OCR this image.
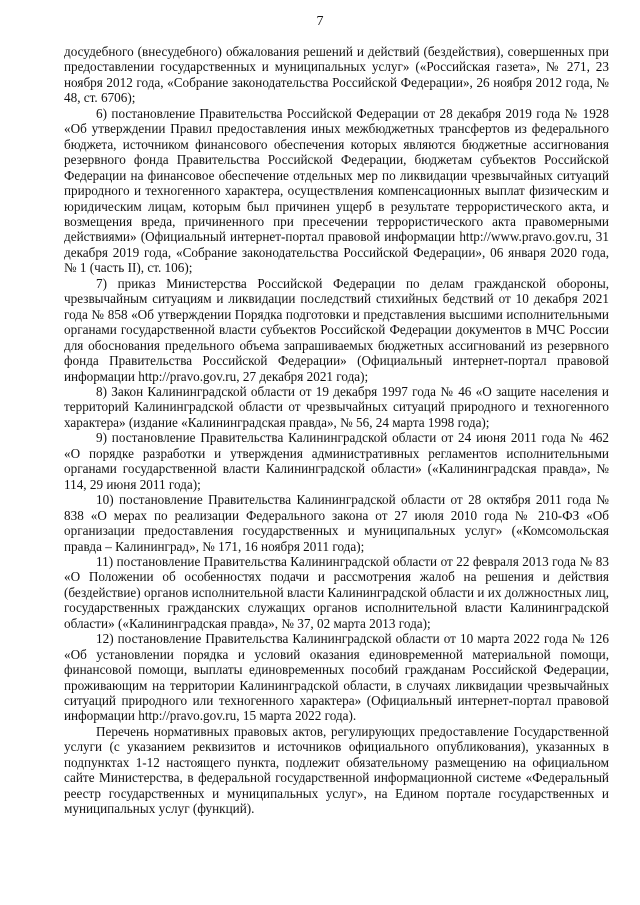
7

досудебного (внесудебного) обжалования решений и действий (бездействия), совершенных при предоставлении государственных и муниципальных услуг» («Российская газета», № 271, 23 ноября 2012 года, «Собрание законодательства Российской Федерации», 26 ноября 2012 года, № 48, ст. 6706);

6) постановление Правительства Российской Федерации от 28 декабря 2019 года № 1928 «Об утверждении Правил предоставления иных межбюджетных трансфертов из федерального бюджета, источником финансового обеспечения которых являются бюджетные ассигнования резервного фонда Правительства Российской Федерации, бюджетам субъектов Российской Федерации на финансовое обеспечение отдельных мер по ликвидации чрезвычайных ситуаций природного и техногенного характера, осуществления компенсационных выплат физическим и юридическим лицам, которым был причинен ущерб в результате террористического акта, и возмещения вреда, причиненного при пресечении террористического акта правомерными действиями» (Официальный интернет-портал правовой информации http://www.pravo.gov.ru, 31 декабря 2019 года, «Собрание законодательства Российской Федерации», 06 января 2020 года, № 1 (часть II), ст. 106);

7) приказ Министерства Российской Федерации по делам гражданской обороны, чрезвычайным ситуациям и ликвидации последствий стихийных бедствий от 10 декабря 2021 года № 858 «Об утверждении Порядка подготовки и представления высшими исполнительными органами государственной власти субъектов Российской Федерации документов в МЧС России для обоснования предельного объема запрашиваемых бюджетных ассигнований из резервного фонда Правительства Российской Федерации» (Официальный интернет-портал правовой информации http://pravo.gov.ru, 27 декабря 2021 года);

8) Закон Калининградской области от 19 декабря 1997 года № 46 «О защите населения и территорий Калининградской области от чрезвычайных ситуаций природного и техногенного характера» (издание «Калининградская правда», № 56, 24 марта 1998 года);

9) постановление Правительства Калининградской области от 24 июня 2011 года № 462 «О порядке разработки и утверждения административных регламентов исполнительными органами государственной власти Калининградской области» («Калининградская правда», № 114, 29 июня 2011 года);

10) постановление Правительства Калининградской области от 28 октября 2011 года № 838 «О мерах по реализации Федерального закона от 27 июля 2010 года № 210-ФЗ «Об организации предоставления государственных и муниципальных услуг» («Комсомольская правда – Калининград», № 171, 16 ноября 2011 года);

11) постановление Правительства Калининградской области от 22 февраля 2013 года № 83 «О Положении об особенностях подачи и рассмотрения жалоб на решения и действия (бездействие) органов исполнительной власти Калининградской области и их должностных лиц, государственных гражданских служащих органов исполнительной власти Калининградской области» («Калининградская правда», № 37, 02 марта 2013 года);

12) постановление Правительства Калининградской области от 10 марта 2022 года № 126 «Об установлении порядка и условий оказания единовременной материальной помощи, финансовой помощи, выплаты единовременных пособий гражданам Российской Федерации, проживающим на территории Калининградской области, в случаях ликвидации чрезвычайных ситуаций природного или техногенного характера» (Официальный интернет-портал правовой информации http://pravo.gov.ru, 15 марта 2022 года).

Перечень нормативных правовых актов, регулирующих предоставление Государственной услуги (с указанием реквизитов и источников официального опубликования), указанных в подпунктах 1-12 настоящего пункта, подлежит обязательному размещению на официальном сайте Министерства, в федеральной государственной информационной системе «Федеральный реестр государственных и муниципальных услуг», на Едином портале государственных и муниципальных услуг (функций).
